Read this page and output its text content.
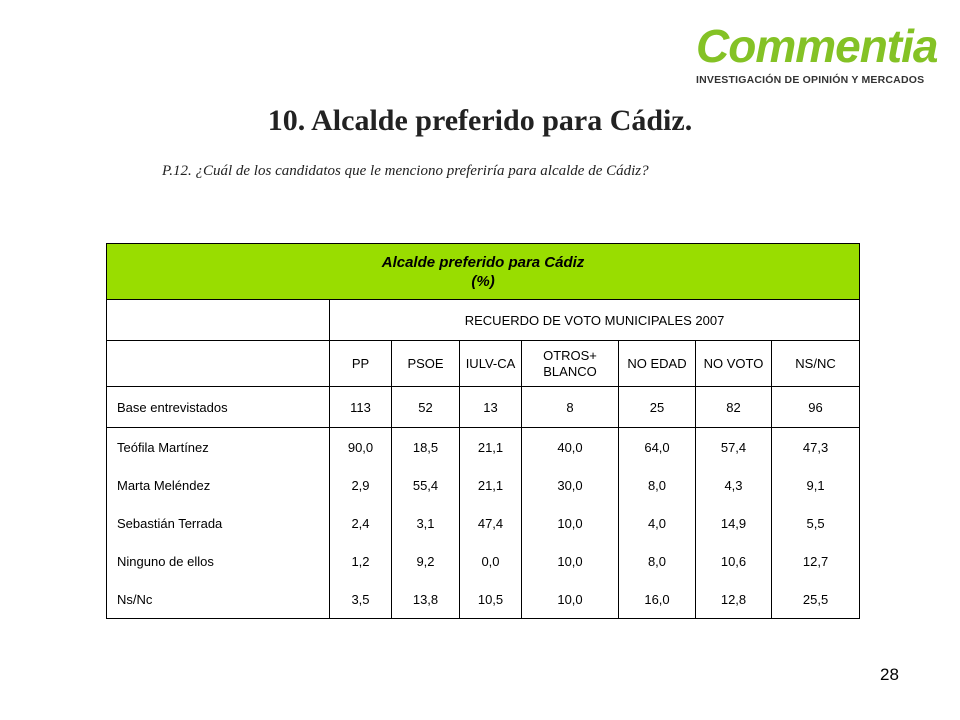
Commentia
INVESTIGACIÓN DE OPINIÓN Y MERCADOS
10. Alcalde preferido para Cádiz.
P.12. ¿Cuál de los candidatos que le menciono preferiría para alcalde de Cádiz?
Alcalde preferido para Cádiz
(%)							

	RECUERDO DE VOTO MUNICIPALES 2007						
	PP	PSOE	IULV-CA	OTROS+ BLANCO	NO EDAD	NO VOTO	NS/NC
Base entrevistados	113	52	13	8	25	82	96
Teófila Martínez	90,0	18,5	21,1	40,0	64,0	57,4	47,3
Marta Meléndez	2,9	55,4	21,1	30,0	8,0	4,3	9,1
Sebastián Terrada	2,4	3,1	47,4	10,0	4,0	14,9	5,5
Ninguno de ellos	1,2	9,2	0,0	10,0	8,0	10,6	12,7
Ns/Nc	3,5	13,8	10,5	10,0	16,0	12,8	25,5
28
